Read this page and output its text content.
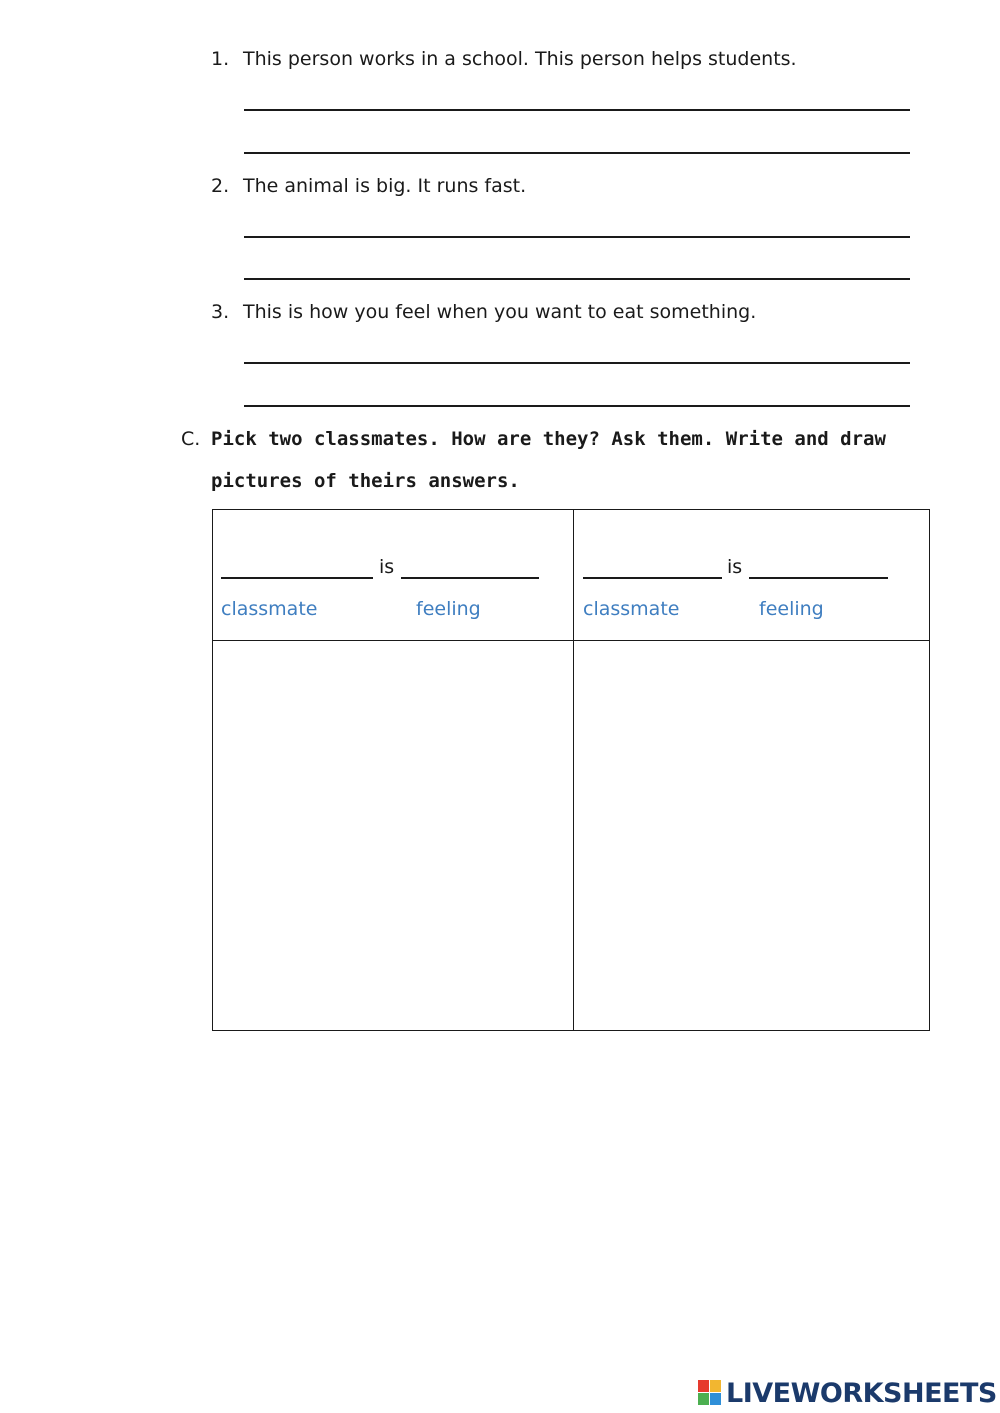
1. This person works in a school. This person helps students.
2. The animal is big. It runs fast.
3. This is how you feel when you want to eat something.
C. Pick two classmates. How are they? Ask them. Write and draw
pictures of theirs answers.
is
classmate	feeling
is
classmate	feeling
LIVEWORKSHEETS
